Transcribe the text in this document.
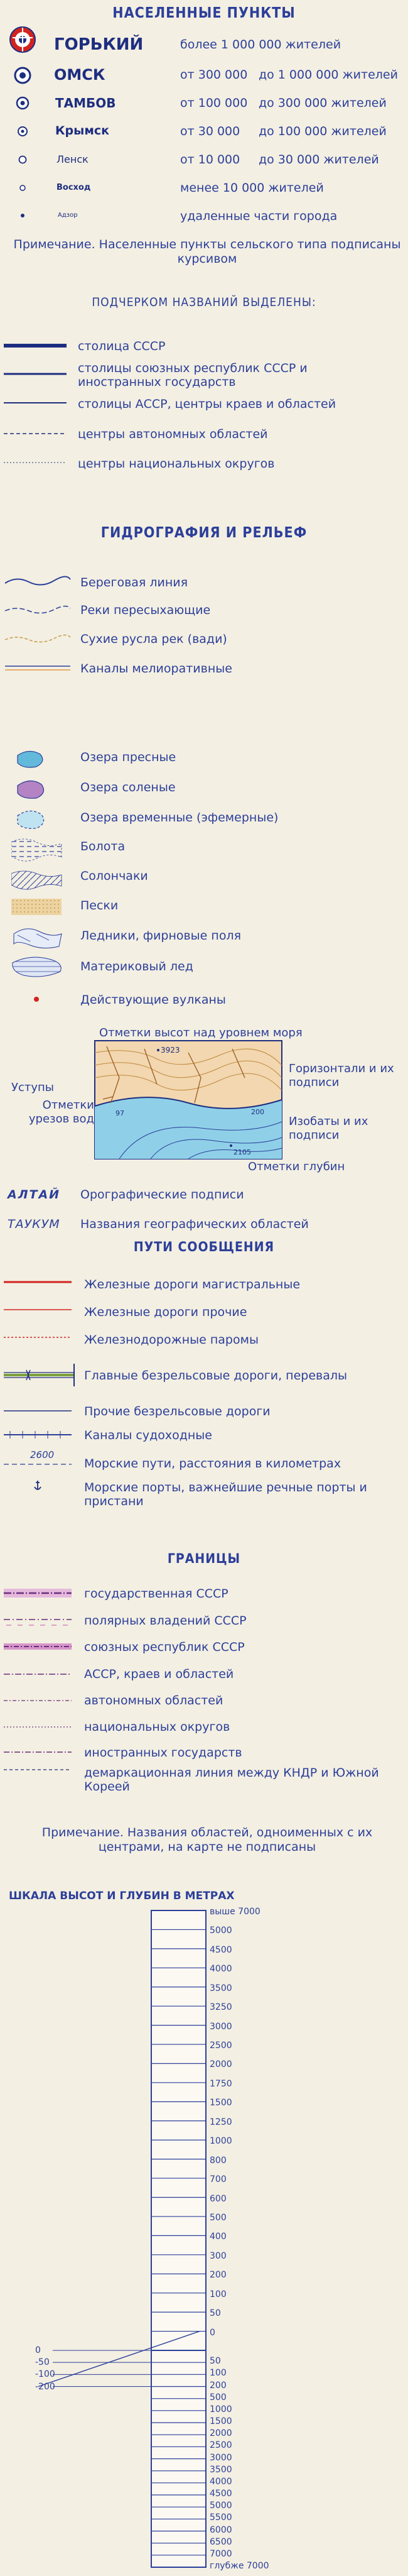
НАСЕЛЕННЫЕ ПУНКТЫ
ГОРЬКИЙ	более 1 000 000 жителей
ОМСК	от 300 000 до 1 000 000 жителей
ТАМБОВ	от 100 000 до 300 000 жителей
Крымск	от 30 000 до 100 000 жителей
Ленск	от 10 000 до 30 000 жителей
Восход	менее 10 000 жителей
Адзор	удаленные части города
Примечание. Населенные пункты сельского типа подписаны курсивом
ПОДЧЕРКОМ НАЗВАНИЙ ВЫДЕЛЕНЫ:
столица СССР
столицы союзных республик СССР и иностранных государств
столицы АССР, центры краев и областей
центры автономных областей
центры национальных округов
ГИДРОГРАФИЯ И РЕЛЬЕФ
Береговая линия
Реки пересыхающие
Сухие русла рек (вади)
Каналы мелиоративные
Озера пресные
Озера соленые
Озера временные (эфемерные)
Болота
Солончаки
Пески
Ледники, фирновые поля
Материковый лед
Действующие вулканы
Отметки высот над уровнем моря
3923
97	200
2105
Горизонтали и их подписи
Изобаты и их подписи
Отметки глубин
Уступы
Отметки урезов вод
АЛТАЙ Орографические подписи
ТАУКУМ Названия географических областей
ПУТИ СООБЩЕНИЯ
Железные дороги магистральные
Железные дороги прочие
Железнодорожные паромы
Главные безрельсовые дороги, перевалы
Прочие безрельсовые дороги
Каналы судоходные
2600
Морские пути, расстояния в километрах
Морские порты, важнейшие речные порты и пристани
ГРАНИЦЫ
государственная СССР
полярных владений СССР
союзных республик СССР
АССР, краев и областей
автономных областей
национальных округов
иностранных государств
демаркационная линия между КНДР и Южной Кореей
Примечание. Названия областей, одноименных с их центрами, на карте не подписаны
ШКАЛА ВЫСОТ И ГЛУБИН В МЕТРАХ
выше 7000
5000
4500
4000
3500
3250
3000
2500
2000
1750
1500
1250
1000
800
700
600
500
400
300
200
100
50
0
50
100
200
500
1000
1500
2000
2500
3000
3500
4000
4500
5000
5500
6000
6500
7000
глубже 7000
0
-50
-100
-200
